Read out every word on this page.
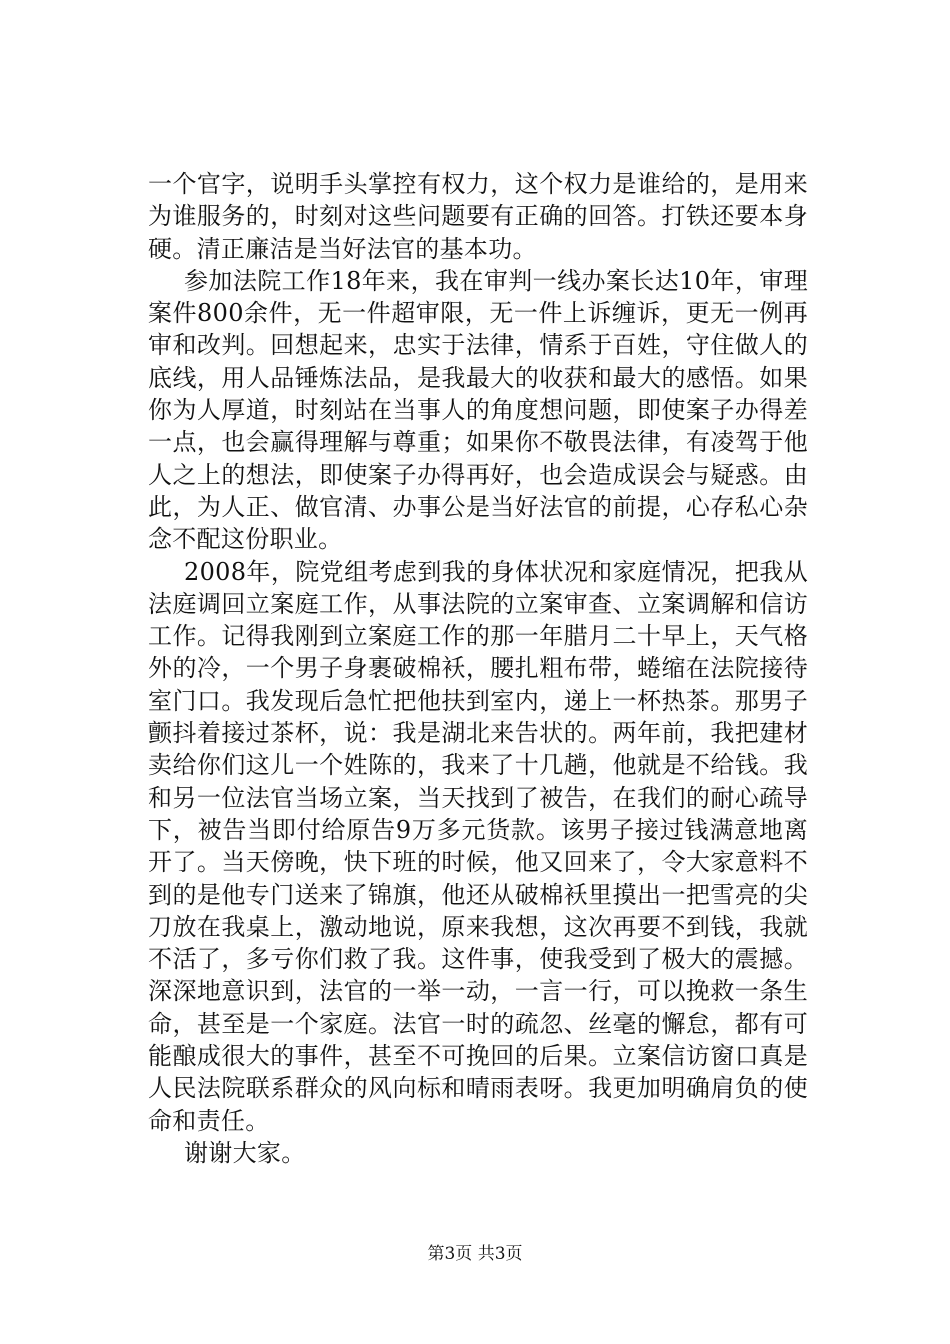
一个官字，说明手头掌控有权力，这个权力是谁给的，是用来为谁服务的，时刻对这些问题要有正确的回答。打铁还要本身硬。清正廉洁是当好法官的基本功。

参加法院工作18年来，我在审判一线办案长达10年，审理案件800余件，无一件超审限，无一件上诉缠诉，更无一例再审和改判。回想起来，忠实于法律，情系于百姓，守住做人的底线，用人品锤炼法品，是我最大的收获和最大的感悟。如果你为人厚道，时刻站在当事人的角度想问题，即使案子办得差一点，也会赢得理解与尊重；如果你不敬畏法律，有凌驾于他人之上的想法，即使案子办得再好，也会造成误会与疑惑。由此，为人正、做官清、办事公是当好法官的前提，心存私心杂念不配这份职业。

2008年，院党组考虑到我的身体状况和家庭情况，把我从法庭调回立案庭工作，从事法院的立案审查、立案调解和信访工作。记得我刚到立案庭工作的那一年腊月二十早上，天气格外的冷，一个男子身裹破棉袄，腰扎粗布带，蜷缩在法院接待室门口。我发现后急忙把他扶到室内，递上一杯热茶。那男子颤抖着接过茶杯，说：我是湖北来告状的。两年前，我把建材卖给你们这儿一个姓陈的，我来了十几趟，他就是不给钱。我和另一位法官当场立案，当天找到了被告，在我们的耐心疏导下，被告当即付给原告9万多元货款。该男子接过钱满意地离开了。当天傍晚，快下班的时候，他又回来了，令大家意料不到的是他专门送来了锦旗，他还从破棉袄里摸出一把雪亮的尖刀放在我桌上，激动地说，原来我想，这次再要不到钱，我就不活了，多亏你们救了我。这件事，使我受到了极大的震撼。深深地意识到，法官的一举一动，一言一行，可以挽救一条生命，甚至是一个家庭。法官一时的疏忽、丝毫的懈怠，都有可能酿成很大的事件，甚至不可挽回的后果。立案信访窗口真是人民法院联系群众的风向标和晴雨表呀。我更加明确肩负的使命和责任。

谢谢大家。

第3页 共3页
